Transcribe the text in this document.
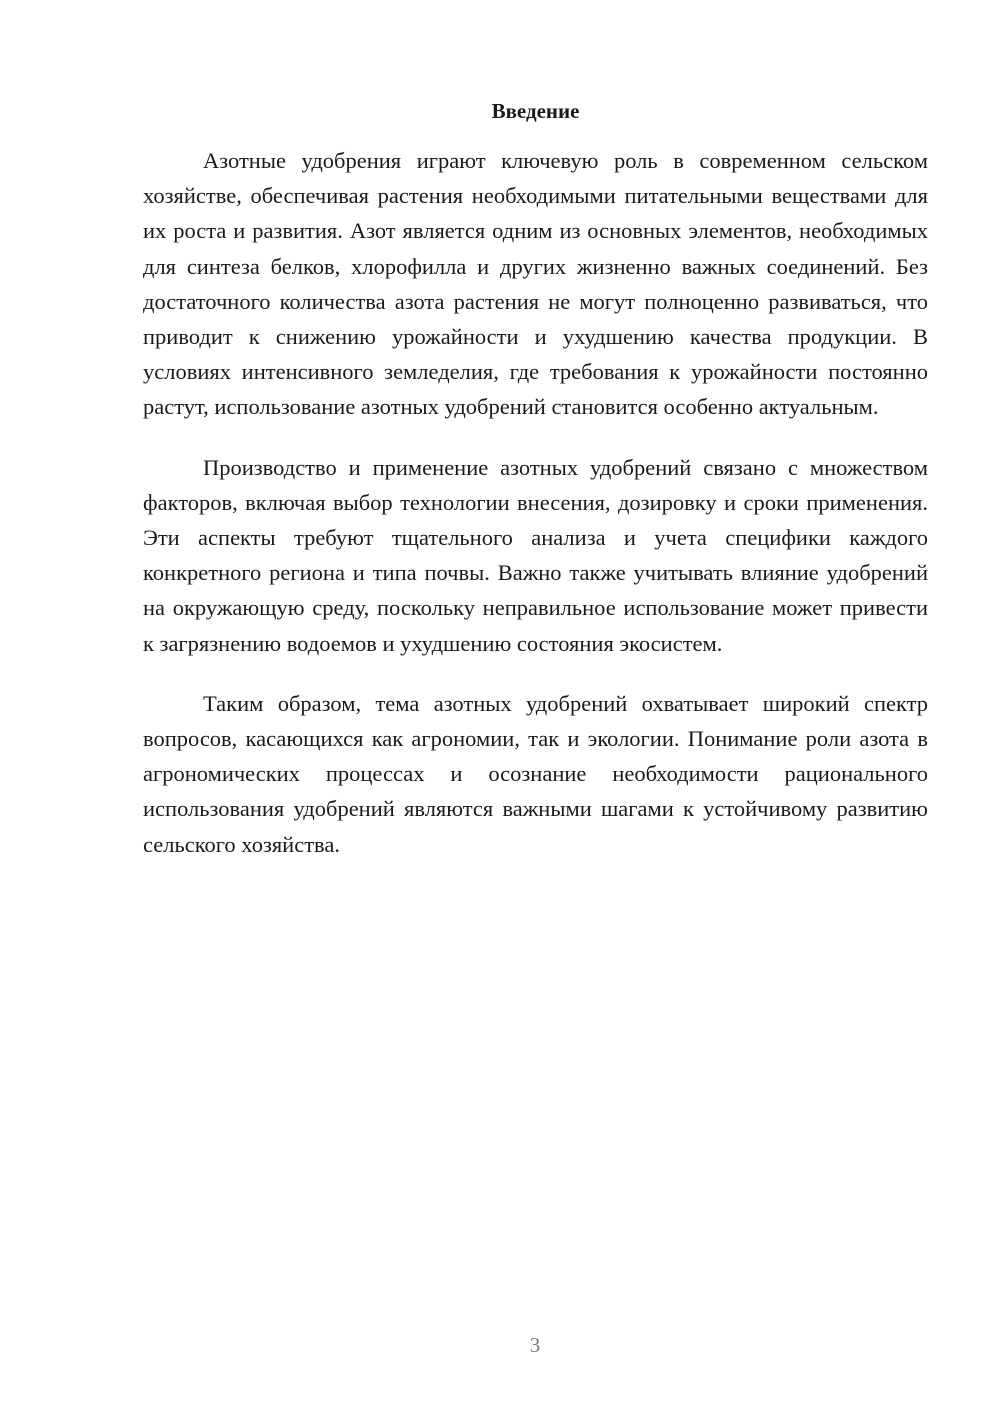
Введение

Азотные удобрения играют ключевую роль в современном сельском хозяйстве, обеспечивая растения необходимыми питательными веществами для их роста и развития. Азот является одним из основных элементов, необходимых для синтеза белков, хлорофилла и других жизненно важных соединений. Без достаточного количества азота растения не могут полноценно развиваться, что приводит к снижению урожайности и ухудшению качества продукции. В условиях интенсивного земледелия, где требования к урожайности постоянно растут, использование азотных удобрений становится особенно актуальным.

Производство и применение азотных удобрений связано с множеством факторов, включая выбор технологии внесения, дозировку и сроки применения. Эти аспекты требуют тщательного анализа и учета специфики каждого конкретного региона и типа почвы. Важно также учитывать влияние удобрений на окружающую среду, поскольку неправильное использование может привести к загрязнению водоемов и ухудшению состояния экосистем.

Таким образом, тема азотных удобрений охватывает широкий спектр вопросов, касающихся как агрономии, так и экологии. Понимание роли азота в агрономических процессах и осознание необходимости рационального использования удобрений являются важными шагами к устойчивому развитию сельского хозяйства.

3
